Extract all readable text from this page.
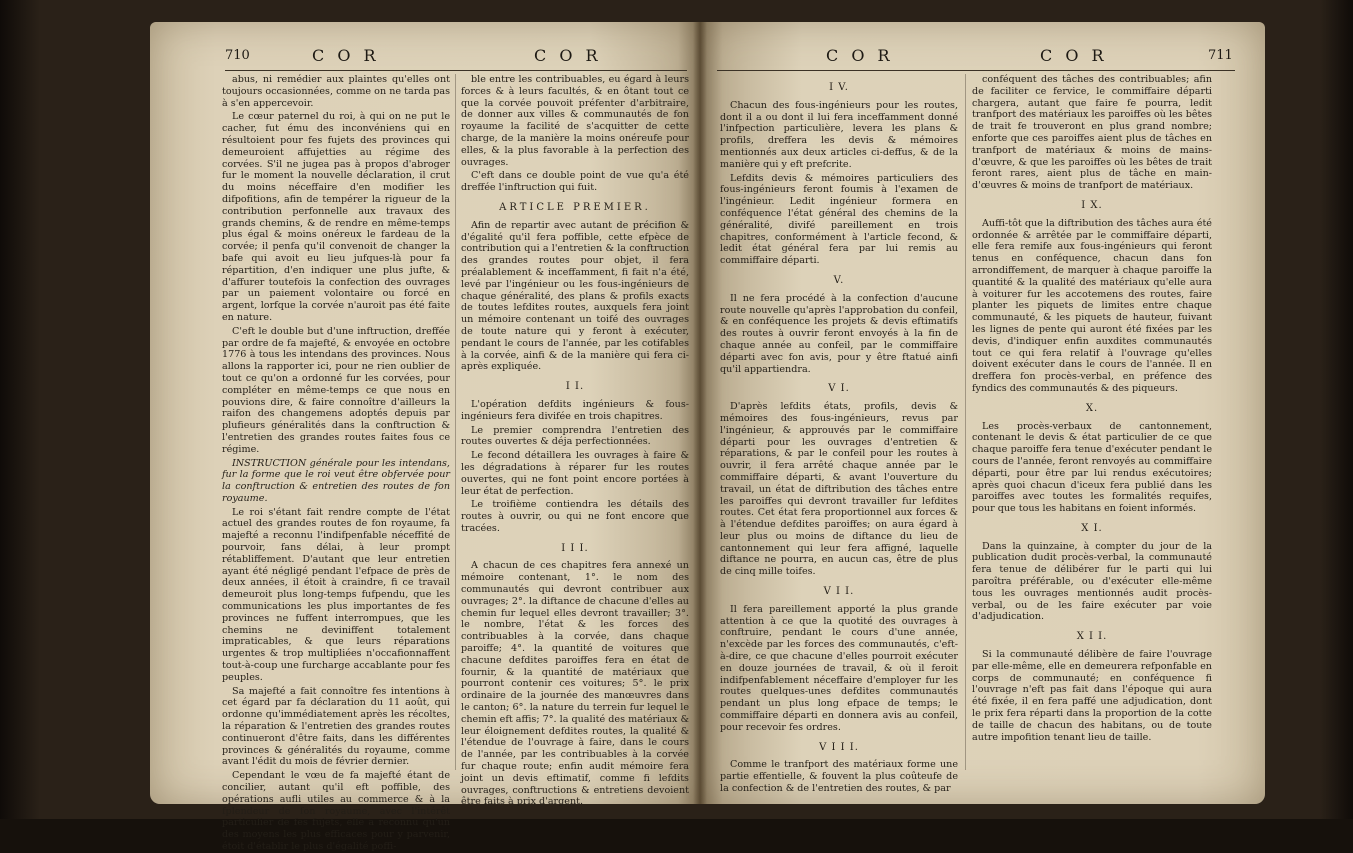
710	C O R	C O R	C O R	C O R	711

abus, ni remédier aux plaintes qu'elles ont toujours occasionnées, comme on ne tarda pas à s'en appercevoir.

Le cœur paternel du roi, à qui on ne put le cacher, fut ému des inconvéniens qui en résultoient pour fes fujets des provinces qui demeuroient affujetties au régime des corvées. S'il ne jugea pas à propos d'abroger fur le moment la nouvelle déclaration, il crut du moins néceffaire d'en modifier les difpofitions, afin de tempérer la rigueur de la contribution perfonnelle aux travaux des grands chemins, & de rendre en même-temps plus égal & moins onéreux le fardeau de la corvée; il penfa qu'il convenoit de changer la bafe qui avoit eu lieu jufques-là pour fa répartition, d'en indiquer une plus jufte, & d'affurer toutefois la confection des ouvrages par un paiement volontaire ou forcé en argent, lorfque la corvée n'auroit pas été faite en nature.

C'eft le double but d'une inftruction, dreffée par ordre de fa majefté, & envoyée en octobre 1776 à tous les intendans des provinces. Nous allons la rapporter ici, pour ne rien oublier de tout ce qu'on a ordonné fur les corvées, pour compléter en même-temps ce que nous en pouvions dire, & faire connoître d'ailleurs la raifon des changemens adoptés depuis par plufieurs généralités dans la conftruction & l'entretien des grandes routes faites fous ce régime.

INSTRUCTION générale pour les intendans, fur la forme que le roi veut être obfervée pour la conftruction & entretien des routes de fon royaume.

Le roi s'étant fait rendre compte de l'état actuel des grandes routes de fon royaume, fa majefté a reconnu l'indifpenfable néceffité de pourvoir, fans délai, à leur prompt rétabliffement. D'autant que leur entretien ayant été négligé pendant l'efpace de près de deux années, il étoit à craindre, fi ce travail demeuroit plus long-temps fufpendu, que les communications les plus importantes de fes provinces ne fuffent interrompues, que les chemins ne deviniffent totalement impraticables, & que leurs réparations urgentes & trop multipliées n'occafionnaffent tout-à-coup une furcharge accablante pour fes peuples.

Sa majefté a fait connoître fes intentions à cet égard par fa déclaration du 11 août, qui ordonne qu'immédiatement après les récoltes, la réparation & l'entretien des grandes routes continueront d'être faits, dans les différentes provinces & généralités du royaume, comme avant l'édit du mois de février dernier.

Cependant le vœu de fa majefté étant de concilier, autant qu'il eft poffible, des opérations aufli utiles au commerce & à la fplendeur de fon royaume, avec l'intérêt particulier de fes fujets, elle a reconnu qu'un des moyens les plus efficaces pour y parvenir, étoit d'établir le plus d'égalité poffi-

ble entre les contribuables, eu égard à leurs forces & à leurs facultés, & en ôtant tout ce que la corvée pouvoit préfenter d'arbitraire, de donner aux villes & communautés de fon royaume la facilité de s'acquitter de cette charge, de la manière la moins onéreufe pour elles, & la plus favorable à la perfection des ouvrages.

C'eft dans ce double point de vue qu'a été dreffée l'inftruction qui fuit.

ARTICLE PREMIER.

Afin de repartir avec autant de précifion & d'égalité qu'il fera poffible, cette efpèce de contribution qui a l'entretien & la conftruction des grandes routes pour objet, il fera préalablement & inceffamment, fi fait n'a été, levé par l'ingénieur ou les fous-ingénieurs de chaque généralité, des plans & profils exacts de toutes lefdites routes, auxquels fera joint un mémoire contenant un toifé des ouvrages de toute nature qui y feront à exécuter, pendant le cours de l'année, par les cotifables à la corvée, ainfi & de la manière qui fera ci-après expliquée.

I I.

L'opération defdits ingénieurs & fous-ingénieurs fera divifée en trois chapitres.

Le premier comprendra l'entretien des routes ouvertes & déja perfectionnées.

Le fecond détaillera les ouvrages à faire & les dégradations à réparer fur les routes ouvertes, qui ne font point encore portées à leur état de perfection.

Le troifième contiendra les détails des routes à ouvrir, ou qui ne font encore que tracées.

I I I.

A chacun de ces chapitres fera annexé un mémoire contenant, 1°. le nom des communautés qui devront contribuer aux ouvrages; 2°. la diftance de chacune d'elles au chemin fur lequel elles devront travailler; 3°. le nombre, l'état & les forces des contribuables à la corvée, dans chaque paroiffe; 4°. la quantité de voitures que chacune defdites paroiffes fera en état de fournir, & la quantité de matériaux que pourront contenir ces voitures; 5°. le prix ordinaire de la journée des manœuvres dans le canton; 6°. la nature du terrein fur lequel le chemin eft affis; 7°. la qualité des matériaux & leur éloignement defdites routes, la qualité & l'étendue de l'ouvrage à faire, dans le cours de l'année, par les contribuables à la corvée fur chaque route; enfin audit mémoire fera joint un devis eftimatif, comme fi lefdits ouvrages, conftructions & entretiens devoient être faits à prix d'argent.

I V.

Chacun des fous-ingénieurs pour les routes, dont il a ou dont il lui fera inceffamment donné l'infpection particulière, levera les plans & profils, dreffera les devis & mémoires mentionnés aux deux articles ci-deffus, & de la manière qui y eft prefcrite.

Lefdits devis & mémoires particuliers des fous-ingénieurs feront foumis à l'examen de l'ingénieur. Ledit ingénieur formera en conféquence l'état général des chemins de la généralité, divifé pareillement en trois chapitres, conformément à l'article fecond, & ledit état général fera par lui remis au commiffaire départi.

V.

Il ne fera procédé à la confection d'aucune route nouvelle qu'après l'approbation du confeil, & en conféquence les projets & devis eftimatifs des routes à ouvrir feront envoyés à la fin de chaque année au confeil, par le commiffaire départi avec fon avis, pour y être ftatué ainfi qu'il appartiendra.

V I.

D'après lefdits états, profils, devis & mémoires des fous-ingénieurs, revus par l'ingénieur, & approuvés par le commiffaire départi pour les ouvrages d'entretien & réparations, & par le confeil pour les routes à ouvrir, il fera arrêté chaque année par le commiffaire départi, & avant l'ouverture du travail, un état de diftribution des tâches entre les paroiffes qui devront travailler fur lefdites routes. Cet état fera proportionnel aux forces & à l'étendue defdites paroiffes; on aura égard à leur plus ou moins de diftance du lieu de cantonnement qui leur fera affigné, laquelle diftance ne pourra, en aucun cas, être de plus de cinq mille toifes.

V I I.

Il fera pareillement apporté la plus grande attention à ce que la quotité des ouvrages à conftruire, pendant le cours d'une année, n'excède par les forces des communautés, c'eft-à-dire, ce que chacune d'elles pourroit exécuter en douze journées de travail, & où il feroit indifpenfablement néceffaire d'employer fur les routes quelques-unes defdites communautés pendant un plus long efpace de temps; le commiffaire départi en donnera avis au confeil, pour recevoir fes ordres.

V I I I.

Comme le tranfport des matériaux forme une partie effentielle, & fouvent la plus coûteufe de la confection & de l'entretien des routes, & par

conféquent des tâches des contribuables; afin de faciliter ce fervice, le commiffaire départi chargera, autant que faire fe pourra, ledit tranfport des matériaux les paroiffes où les bêtes de trait fe trouveront en plus grand nombre; enforte que ces paroiffes aient plus de tâches en tranfport de matériaux & moins de mains-d'œuvre, & que les paroiffes où les bêtes de trait feront rares, aient plus de tâche en main-d'œuvres & moins de tranfport de matériaux.

I X.

Auffi-tôt que la diftribution des tâches aura été ordonnée & arrêtée par le commiffaire départi, elle fera remife aux fous-ingénieurs qui feront tenus en conféquence, chacun dans fon arrondiffement, de marquer à chaque paroiffe la quantité & la qualité des matériaux qu'elle aura à voiturer fur les accotemens des routes, faire planter les piquets de limites entre chaque communauté, & les piquets de hauteur, fuivant les lignes de pente qui auront été fixées par les devis, d'indiquer enfin auxdites communautés tout ce qui fera relatif à l'ouvrage qu'elles doivent exécuter dans le cours de l'année. Il en dreffera fon procès-verbal, en préfence des fyndics des communautés & des piqueurs.

X.

Les procès-verbaux de cantonnement, contenant le devis & état particulier de ce que chaque paroiffe fera tenue d'exécuter pendant le cours de l'année, feront renvoyés au commiffaire départi, pour être par lui rendus exécutoires; après quoi chacun d'iceux fera publié dans les paroiffes avec toutes les formalités requifes, pour que tous les habitans en foient informés.

X I.

Dans la quinzaine, à compter du jour de la publication dudit procès-verbal, la communauté fera tenue de délibérer fur le parti qui lui paroîtra préférable, ou d'exécuter elle-même tous les ouvrages mentionnés audit procès-verbal, ou de les faire exécuter par voie d'adjudication.

X I I.

Si la communauté délibère de faire l'ouvrage par elle-même, elle en demeurera refponfable en corps de communauté; en conféquence fi l'ouvrage n'eft pas fait dans l'époque qui aura été fixée, il en fera paffé une adjudication, dont le prix fera réparti dans la proportion de la cotte de taille de chacun des habitans, ou de toute autre impofition tenant lieu de taille.
